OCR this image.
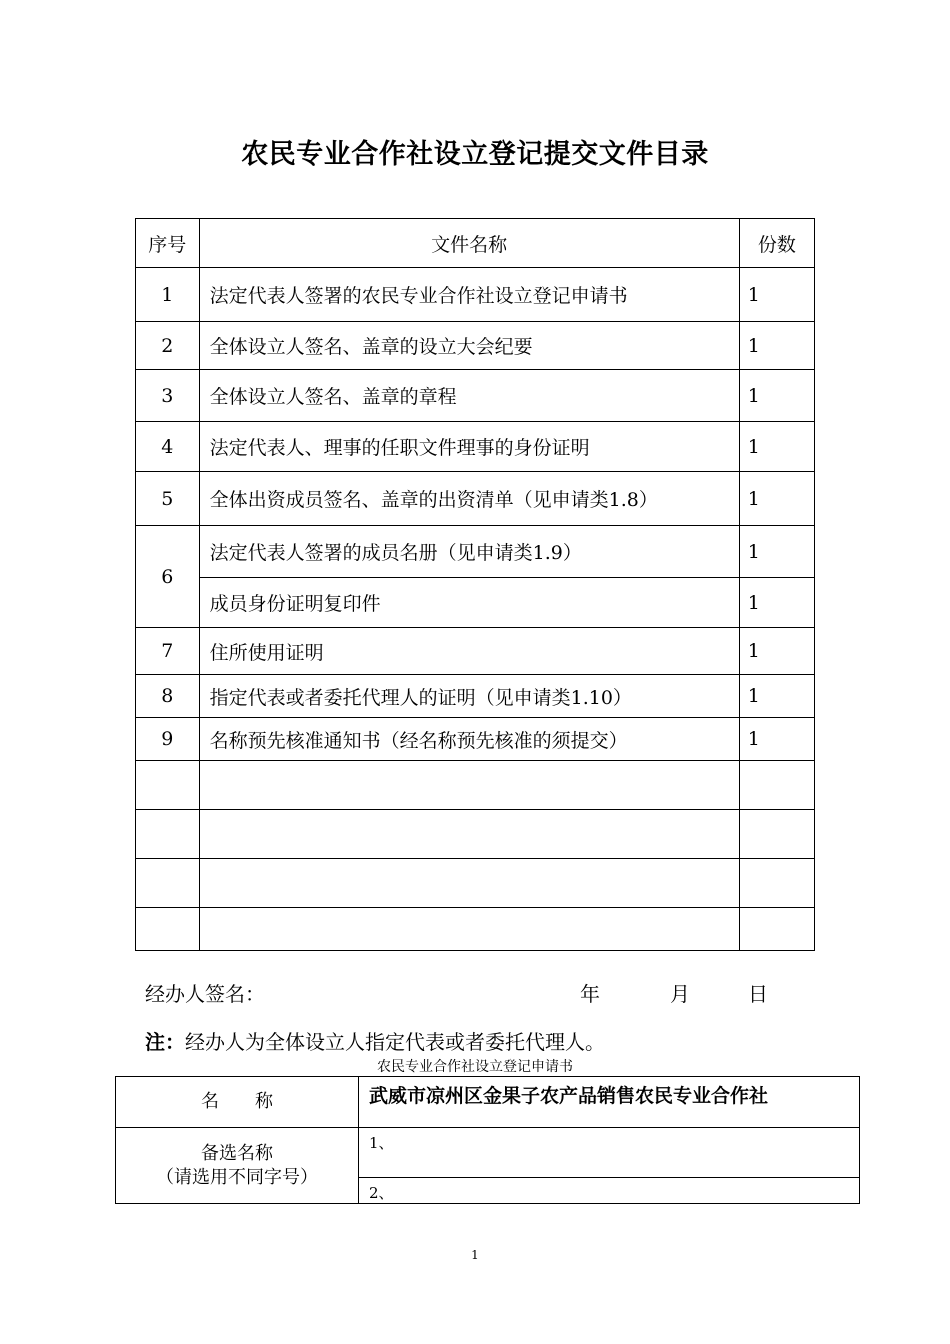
农民专业合作社设立登记提交文件目录
序号	文件名称	份数
1	法定代表人签署的农民专业合作社设立登记申请书	1
2	全体设立人签名、盖章的设立大会纪要	1
3	全体设立人签名、盖章的章程	1
4	法定代表人、理事的任职文件理事的身份证明	1
5	全体出资成员签名、盖章的出资清单（见申请类1.8）	1
6	法定代表人签署的成员名册（见申请类1.9）	1
	成员身份证明复印件	1
7	住所使用证明	1
8	指定代表或者委托代理人的证明（见申请类1.10）	1
9	名称预先核准通知书（经名称预先核准的须提交）	1

经办人签名：	年	月	日
注：经办人为全体设立人指定代表或者委托代理人。
农民专业合作社设立登记申请书
名　　称	武威市凉州区金果子农产品销售农民专业合作社

备选名称
（请选用不同字号）	1、
	2、
1
